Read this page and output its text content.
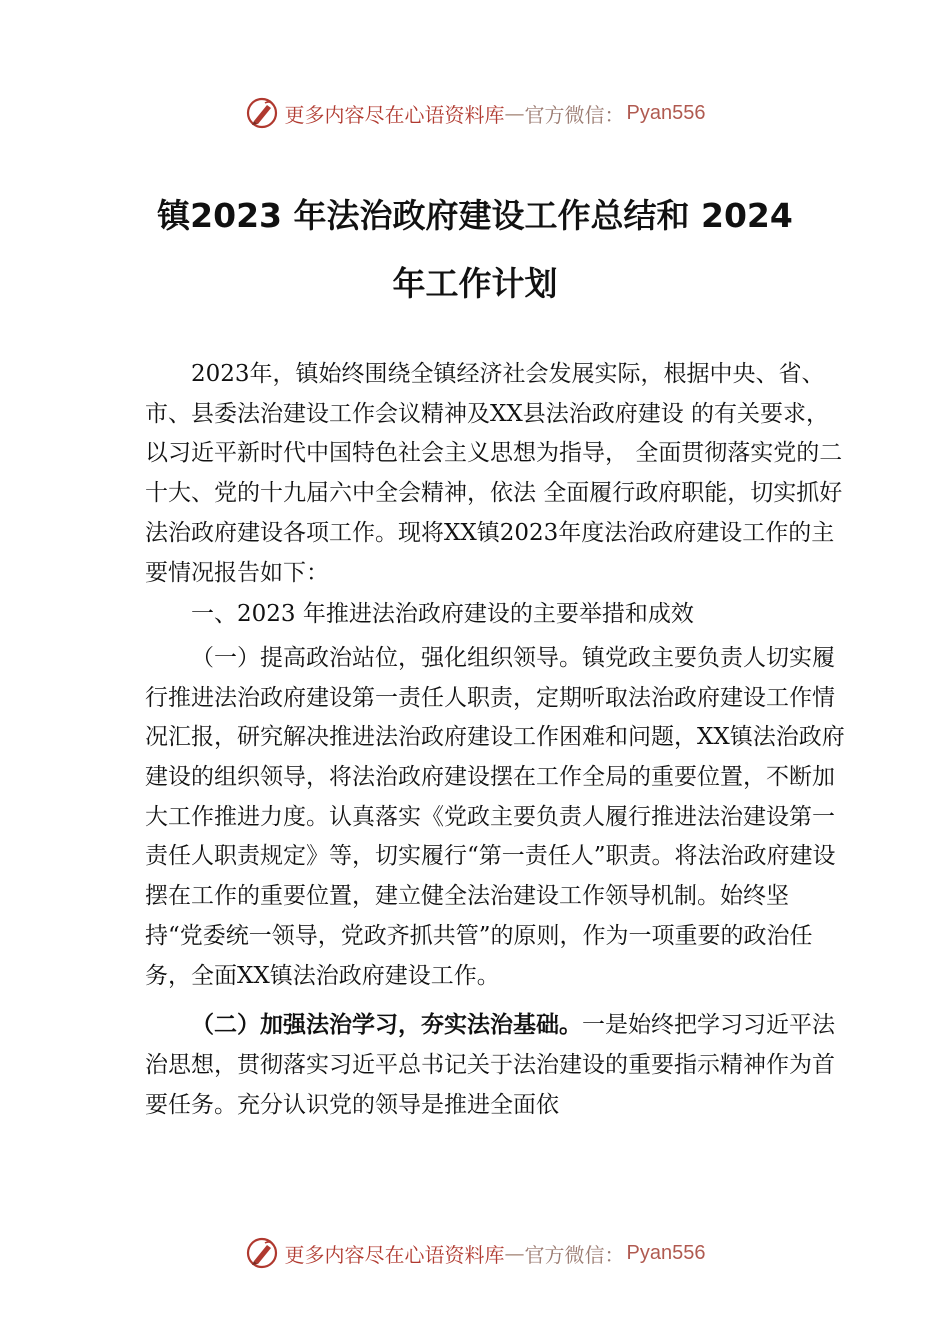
更多内容尽在心语资料库 — 官方微信： Pyan556
镇2023 年法治政府建设工作总结和 2024
年工作计划

2023年，镇始终围绕全镇经济社会发展实际，根据中央、省、市、县委法治建设工作会议精神及XX县法治政府建设 的有关要求，以习近平新时代中国特色社会主义思想为指导， 全面贯彻落实党的二十大、党的十九届六中全会精神，依法 全面履行政府职能，切实抓好法治政府建设各项工作。现将XX镇2023年度法治政府建设工作的主要情况报告如下：

一、2023 年推进法治政府建设的主要举措和成效

（一）提高政治站位，强化组织领导。镇党政主要负责人切实履行推进法治政府建设第一责任人职责，定期听取法治政府建设工作情况汇报，研究解决推进法治政府建设工作困难和问题，XX镇法治政府建设的组织领导，将法治政府建设摆在工作全局的重要位置，不断加大工作推进力度。认真落实《党政主要负责人履行推进法治建设第一责任人职责规定》等，切实履行“第一责任人”职责。将法治政府建设摆在工作的重要位置，建立健全法治建设工作领导机制。始终坚持“党委统一领导，党政齐抓共管”的原则，作为一项重要的政治任务，全面XX镇法治政府建设工作。

（二）加强法治学习，夯实法治基础。一是始终把学习习近平法治思想，贯彻落实习近平总书记关于法治建设的重要指示精神作为首要任务。充分认识党的领导是推进全面依

更多内容尽在心语资料库 — 官方微信： Pyan556
